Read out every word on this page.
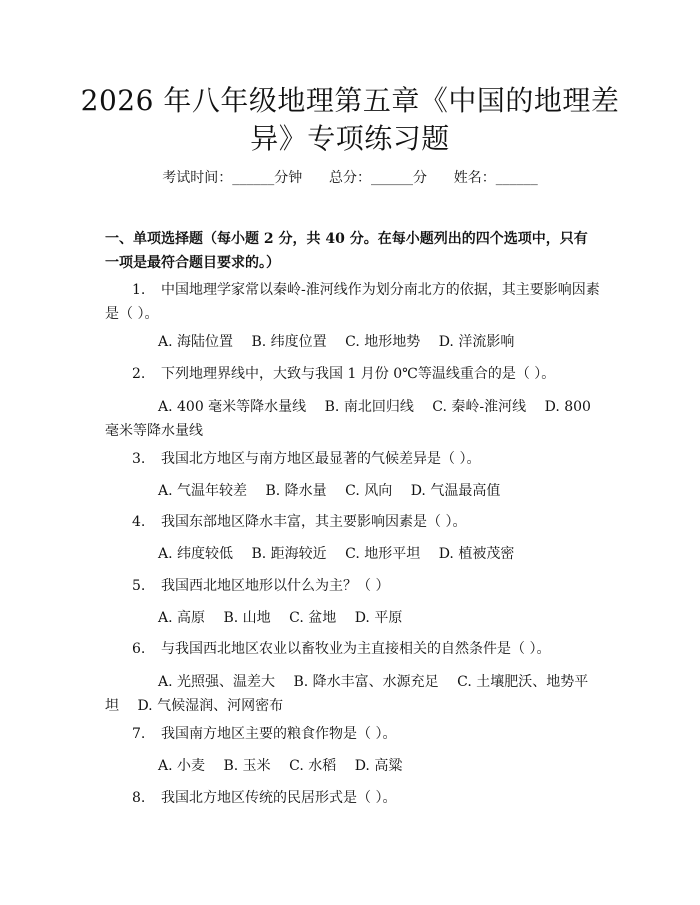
2026 年八年级地理第五章《中国的地理差
异》专项练习题
考试时间：______分钟 总分：______分 姓名：______
一、单项选择题（每小题 2 分，共 40 分。在每小题列出的四个选项中，只有一项是最符合题目要求的。）
1. 中国地理学家常以秦岭-淮河线作为划分南北方的依据，其主要影响因素是（ ）。
A. 海陆位置 B. 纬度位置 C. 地形地势 D. 洋流影响
2. 下列地理界线中，大致与我国 1 月份 0℃等温线重合的是（ ）。
A. 400 毫米等降水量线 B. 南北回归线 C. 秦岭-淮河线 D. 800 毫米等降水量线
3. 我国北方地区与南方地区最显著的气候差异是（ ）。
A. 气温年较差 B. 降水量 C. 风向 D. 气温最高值
4. 我国东部地区降水丰富，其主要影响因素是（ ）。
A. 纬度较低 B. 距海较近 C. 地形平坦 D. 植被茂密
5. 我国西北地区地形以什么为主？（ ）
A. 高原 B. 山地 C. 盆地 D. 平原
6. 与我国西北地区农业以畜牧业为主直接相关的自然条件是（ ）。
A. 光照强、温差大 B. 降水丰富、水源充足 C. 土壤肥沃、地势平坦 D. 气候湿润、河网密布
7. 我国南方地区主要的粮食作物是（ ）。
A. 小麦 B. 玉米 C. 水稻 D. 高粱
8. 我国北方地区传统的民居形式是（ ）。
